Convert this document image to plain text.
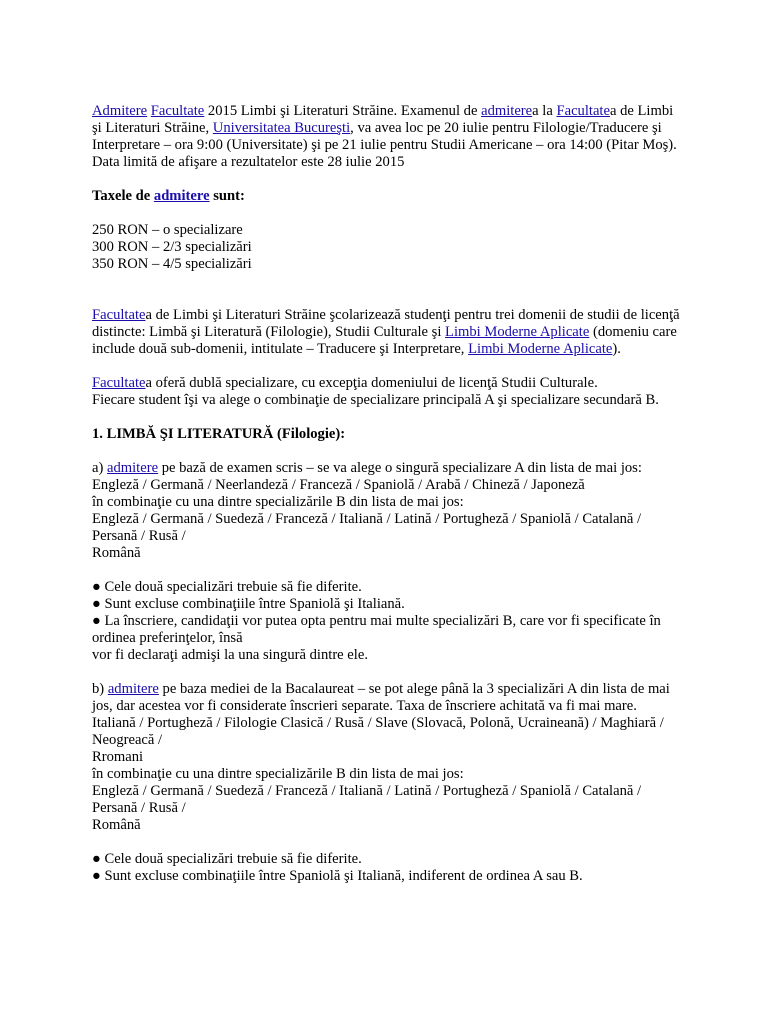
Admitere Facultate 2015 Limbi şi Literaturi Străine. Examenul de admiterea la Facultatea de Limbi şi Literaturi Străine, Universitatea Bucureşti, va avea loc pe 20 iulie pentru Filologie/Traducere şi Interpretare – ora 9:00 (Universitate) şi pe 21 iulie pentru Studii Americane – ora 14:00 (Pitar Moş). Data limită de afişare a rezultatelor este 28 iulie 2015

Taxele de admitere sunt:

250 RON – o specializare

300 RON – 2/3 specializări

350 RON – 4/5 specializări

Facultatea de Limbi şi Literaturi Străine şcolarizează studenţi pentru trei domenii de studii de licenţă distincte: Limbă şi Literatură (Filologie), Studii Culturale şi Limbi Moderne Aplicate (domeniu care include două sub-domenii, intitulate – Traducere şi Interpretare, Limbi Moderne Aplicate).

Facultatea oferă dublă specializare, cu excepţia domeniului de licenţă Studii Culturale.
Fiecare student îşi va alege o combinaţie de specializare principală A şi specializare secundară B.

1. LIMBĂ ŞI LITERATURĂ (Filologie):

a) admitere pe bază de examen scris – se va alege o singură specializare A din lista de mai jos:

Engleză / Germană / Neerlandeză / Franceză / Spaniolă / Arabă / Chineză / Japoneză

în combinaţie cu una dintre specializările B din lista de mai jos:

Engleză / Germană / Suedeză / Franceză / Italiană / Latină / Portugheză / Spaniolă / Catalană / Persană / Rusă /

Română

● Cele două specializări trebuie să fie diferite.

● Sunt excluse combinaţiile între Spaniolă şi Italiană.

● La înscriere, candidaţii vor putea opta pentru mai multe specializări B, care vor fi specificate în ordinea preferinţelor, însă

vor fi declaraţi admişi la una singură dintre ele.

b) admitere pe baza mediei de la Bacalaureat – se pot alege până la 3 specializări A din lista de mai jos, dar acestea vor fi considerate înscrieri separate. Taxa de înscriere achitată va fi mai mare.

Italiană / Portugheză / Filologie Clasică / Rusă / Slave (Slovacă, Polonă, Ucraineană) / Maghiară / Neogreacă /

Rromani

în combinaţie cu una dintre specializările B din lista de mai jos:

Engleză / Germană / Suedeză / Franceză / Italiană / Latină / Portugheză / Spaniolă / Catalană / Persană / Rusă /

Română

● Cele două specializări trebuie să fie diferite.

● Sunt excluse combinaţiile între Spaniolă şi Italiană, indiferent de ordinea A sau B.
